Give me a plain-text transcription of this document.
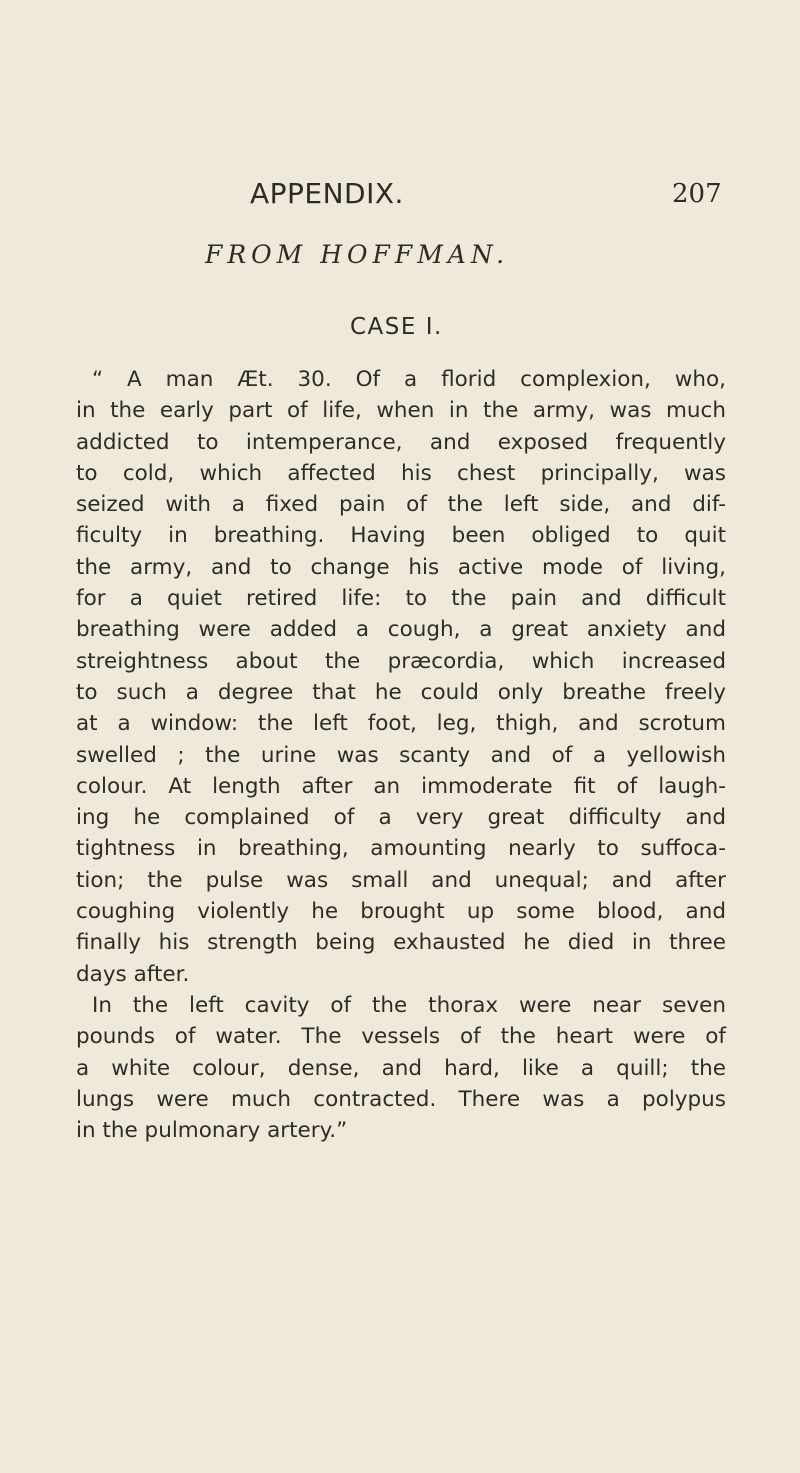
APPENDIX.	207
FROM HOFFMAN.
CASE I.
“ A man Æt. 30. Of a florid complexion, who,
in the early part of life, when in the army, was much
addicted to intemperance, and exposed frequently
to cold, which affected his chest principally, was
seized with a fixed pain of the left side, and dif-
ficulty in breathing. Having been obliged to quit
the army, and to change his active mode of living,
for a quiet retired life: to the pain and difficult
breathing were added a cough, a great anxiety and
streightness about the præcordia, which increased
to such a degree that he could only breathe freely
at a window: the left foot, leg, thigh, and scrotum
swelled ; the urine was scanty and of a yellowish
colour. At length after an immoderate fit of laugh-
ing he complained of a very great difficulty and
tightness in breathing, amounting nearly to suffoca-
tion; the pulse was small and unequal; and after
coughing violently he brought up some blood, and
finally his strength being exhausted he died in three
days after.
In the left cavity of the thorax were near seven
pounds of water. The vessels of the heart were of
a white colour, dense, and hard, like a quill; the
lungs were much contracted. There was a polypus
in the pulmonary artery.”
